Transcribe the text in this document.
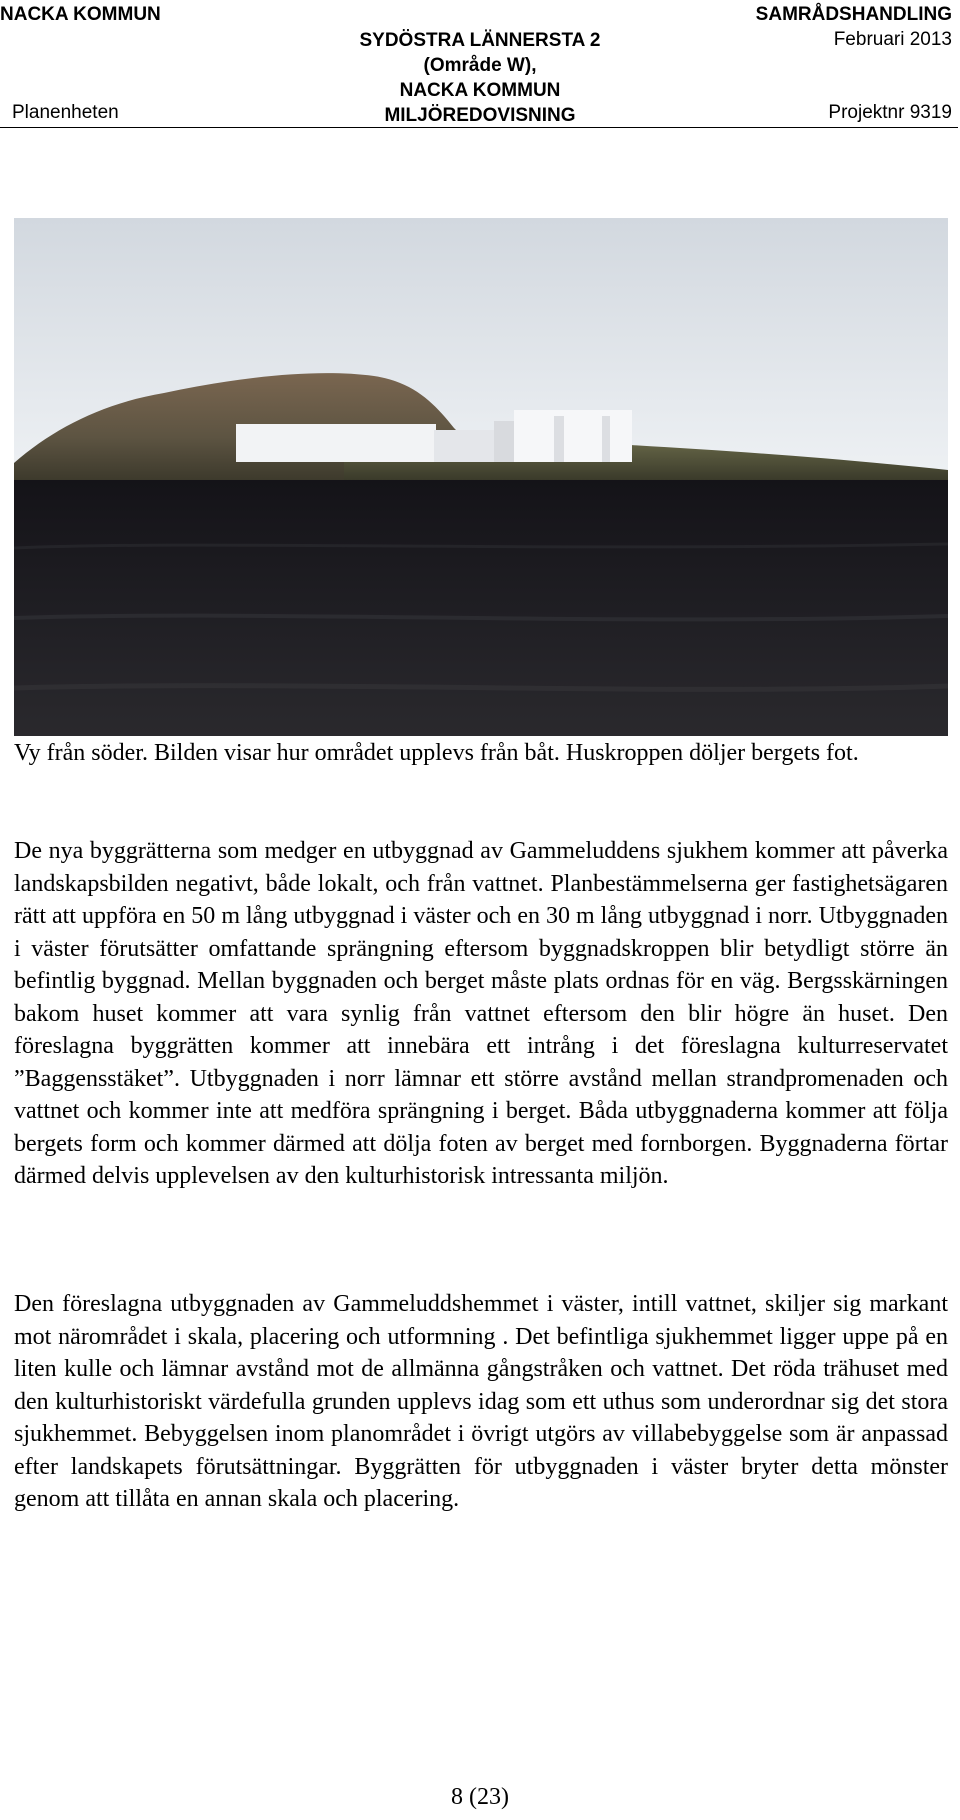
NACKA KOMMUN
Planenheten
SYDÖSTRA LÄNNERSTA 2
(Område W),
NACKA KOMMUN
MILJÖREDOVISNING
SAMRÅDSHANDLING
Februari 2013
Projektnr 9319
Vy från söder. Bilden visar hur området upplevs från båt. Huskroppen döljer bergets fot.
De nya byggrätterna som medger en utbyggnad av Gammeluddens sjukhem kommer att påverka landskapsbilden negativt, både lokalt, och från vattnet. Planbestämmelserna ger fastighetsägaren rätt att uppföra en 50 m lång utbyggnad i väster och en 30 m lång utbyggnad i norr. Utbyggnaden i väster förutsätter omfattande sprängning eftersom byggnadskroppen blir betydligt större än befintlig byggnad. Mellan byggnaden och berget måste plats ordnas för en väg. Bergsskärningen bakom huset kommer att vara synlig från vattnet eftersom den blir högre än huset. Den föreslagna byggrätten kommer att innebära ett intrång i det föreslagna kulturreservatet ”Baggensstäket”. Utbyggnaden i norr lämnar ett större avstånd mellan strandpromenaden och vattnet och kommer inte att medföra sprängning i berget. Båda utbyggnaderna kommer att följa bergets form och kommer därmed att dölja foten av berget med fornborgen. Byggnaderna förtar därmed delvis upplevelsen av den kulturhistorisk intressanta miljön.
Den föreslagna utbyggnaden av Gammeluddshemmet i väster, intill vattnet, skiljer sig markant mot närområdet i skala, placering och utformning . Det befintliga sjukhemmet ligger uppe på en liten kulle och lämnar avstånd mot de allmänna gångstråken och vattnet. Det röda trähuset med den kulturhistoriskt värdefulla grunden upplevs idag som ett uthus som underordnar sig det stora sjukhemmet. Bebyggelsen inom planområdet i övrigt utgörs av villabebyggelse som är anpassad efter landskapets förutsättningar. Byggrätten för utbyggnaden i väster bryter detta mönster genom att tillåta en annan skala och placering.
8 (23)
